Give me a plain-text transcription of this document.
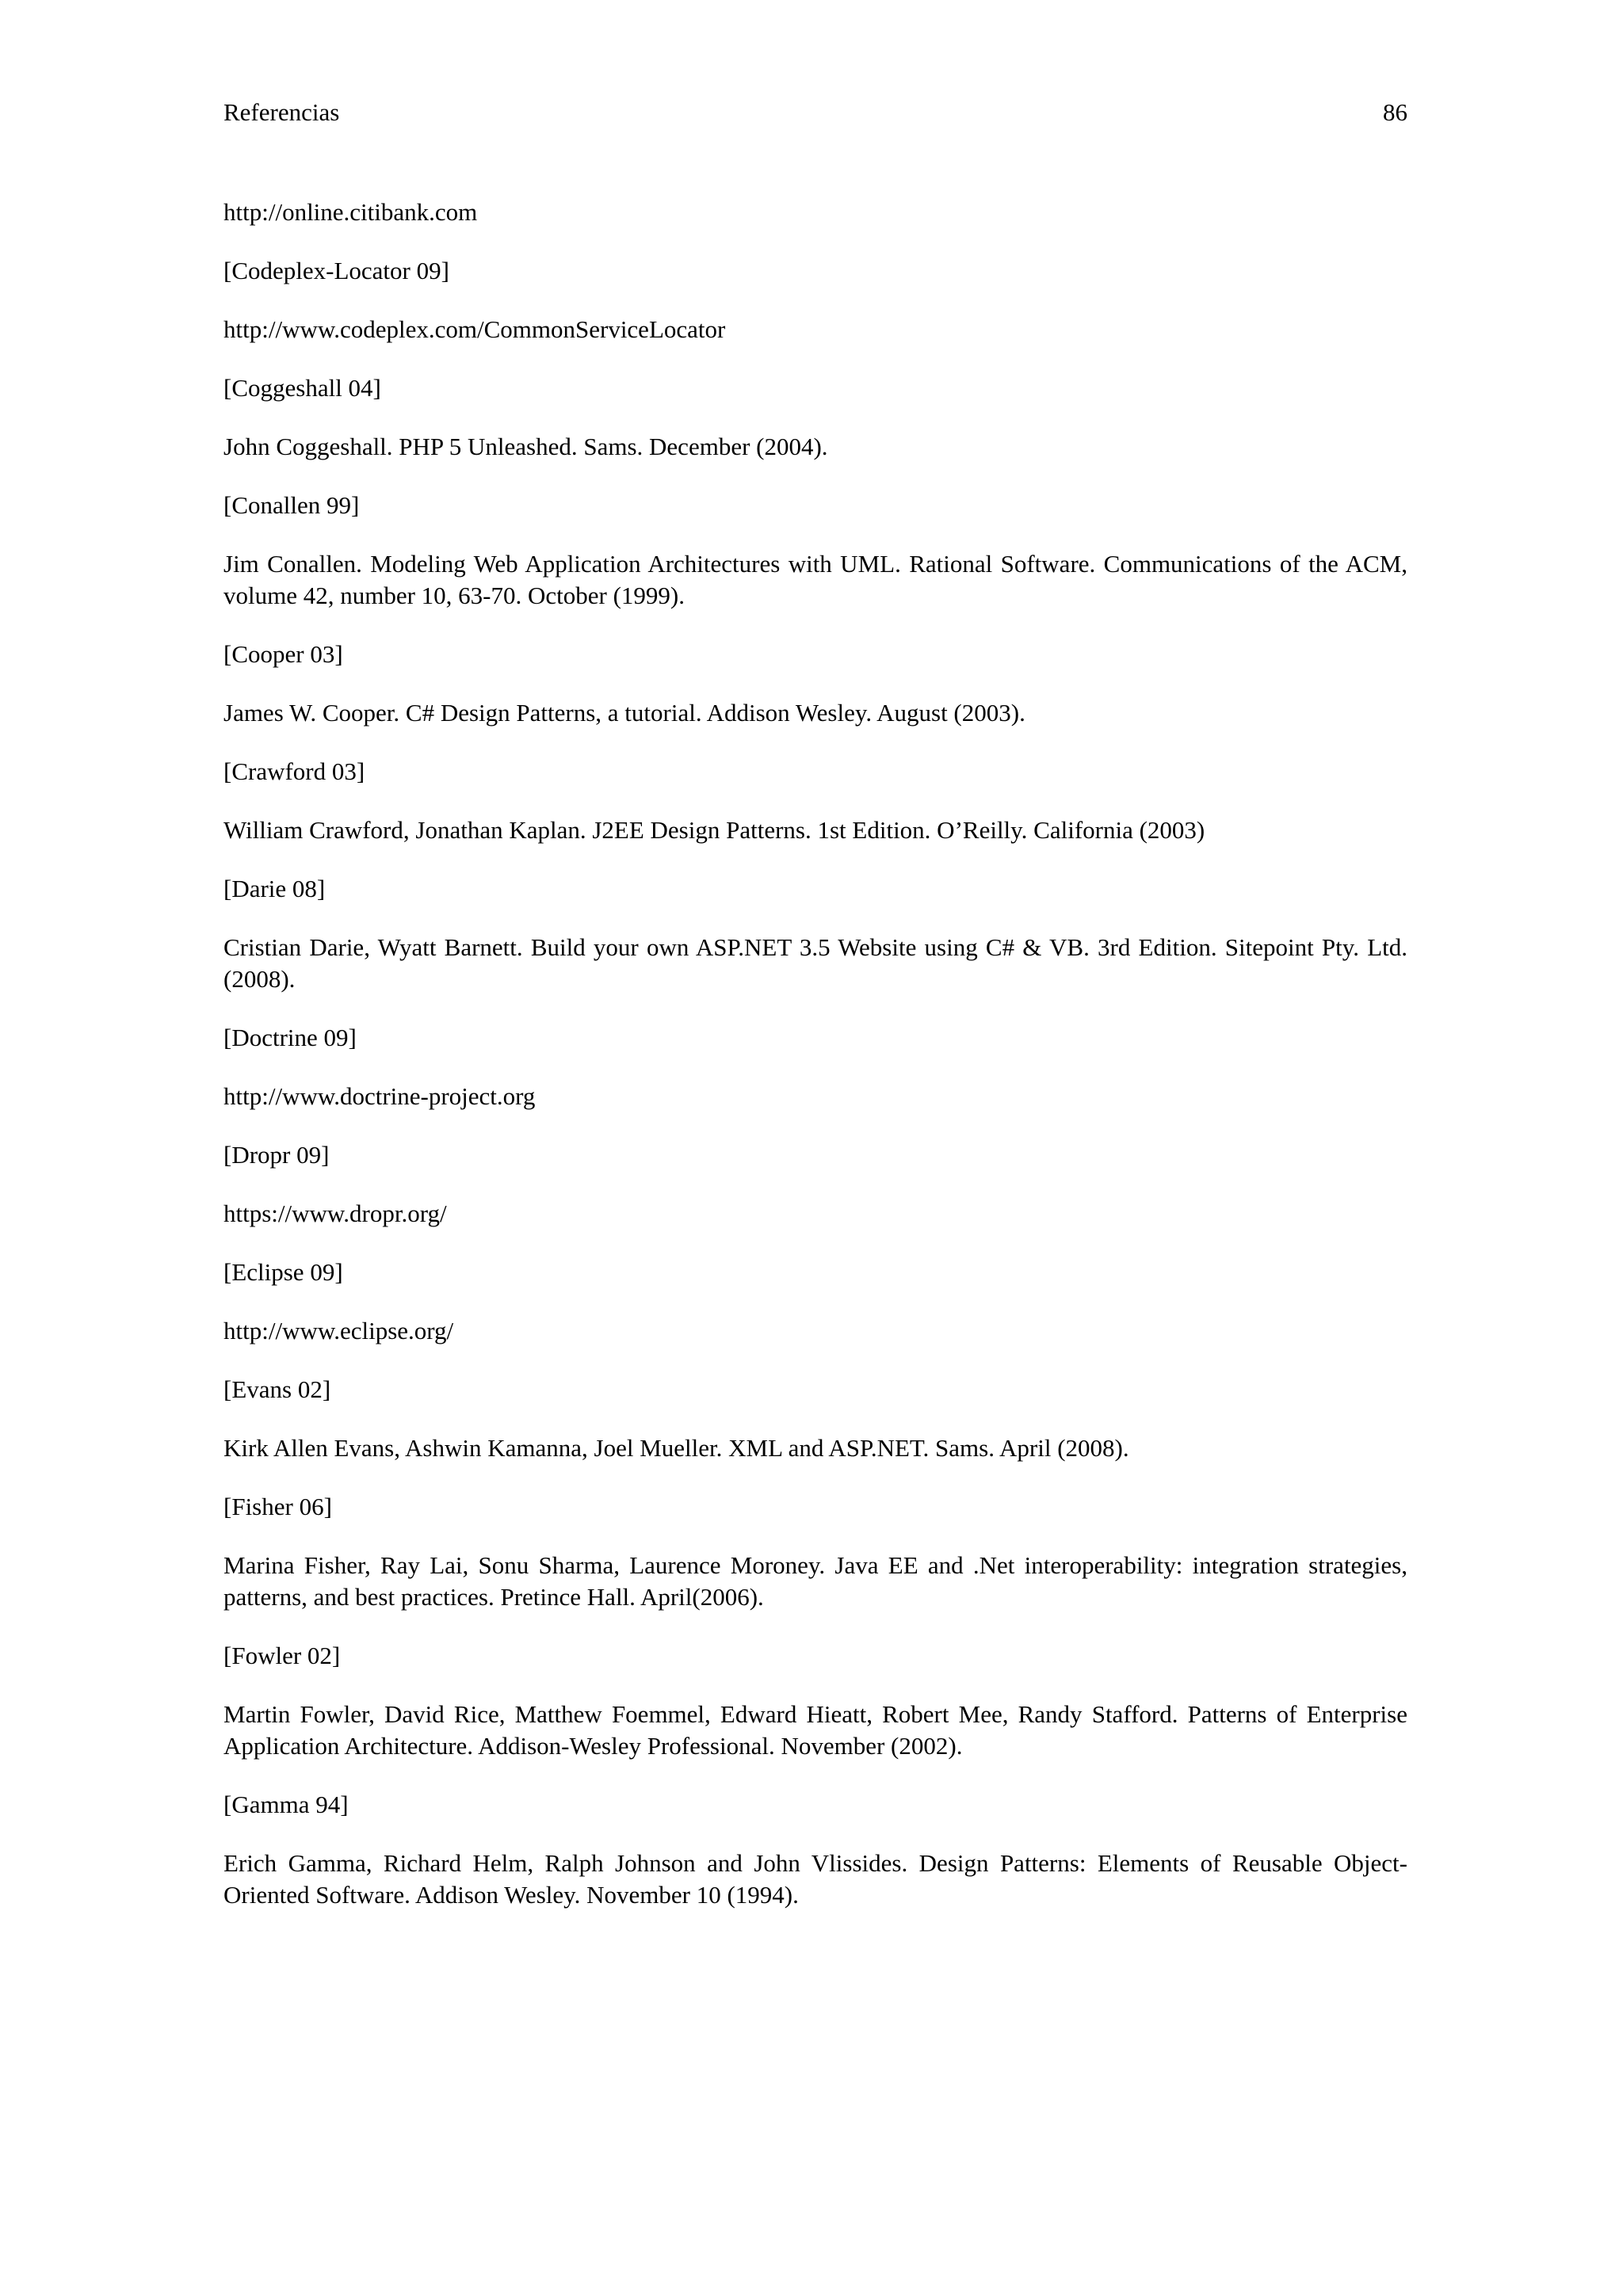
Referencias	86

http://online.citibank.com

[Codeplex-Locator 09]

http://www.codeplex.com/CommonServiceLocator

[Coggeshall 04]

John Coggeshall. PHP 5 Unleashed. Sams. December (2004).

[Conallen 99]

Jim Conallen. Modeling Web Application Architectures with UML. Rational Software. Communications of the ACM, volume 42, number 10, 63-70. October (1999).

[Cooper 03]

James W. Cooper. C# Design Patterns, a tutorial. Addison Wesley. August (2003).

[Crawford 03]

William Crawford, Jonathan Kaplan. J2EE Design Patterns. 1st Edition. O’Reilly. California (2003)

[Darie 08]

Cristian Darie, Wyatt Barnett. Build your own ASP.NET 3.5 Website using C# & VB. 3rd Edition. Sitepoint Pty. Ltd. (2008).

[Doctrine 09]

http://www.doctrine-project.org

[Dropr 09]

https://www.dropr.org/

[Eclipse 09]

http://www.eclipse.org/

[Evans 02]

Kirk Allen Evans, Ashwin Kamanna, Joel Mueller. XML and ASP.NET. Sams. April (2008).

[Fisher 06]

Marina Fisher, Ray Lai, Sonu Sharma, Laurence Moroney. Java EE and .Net interoperability: integration strategies, patterns, and best practices. Pretince Hall. April(2006).

[Fowler 02]

Martin Fowler, David Rice, Matthew Foemmel, Edward Hieatt, Robert Mee, Randy Stafford. Patterns of Enterprise Application Architecture. Addison-Wesley Professional. November (2002).

[Gamma 94]

Erich Gamma, Richard Helm, Ralph Johnson and John Vlissides. Design Patterns: Elements of Reusable Object-Oriented Software. Addison Wesley. November 10 (1994).
